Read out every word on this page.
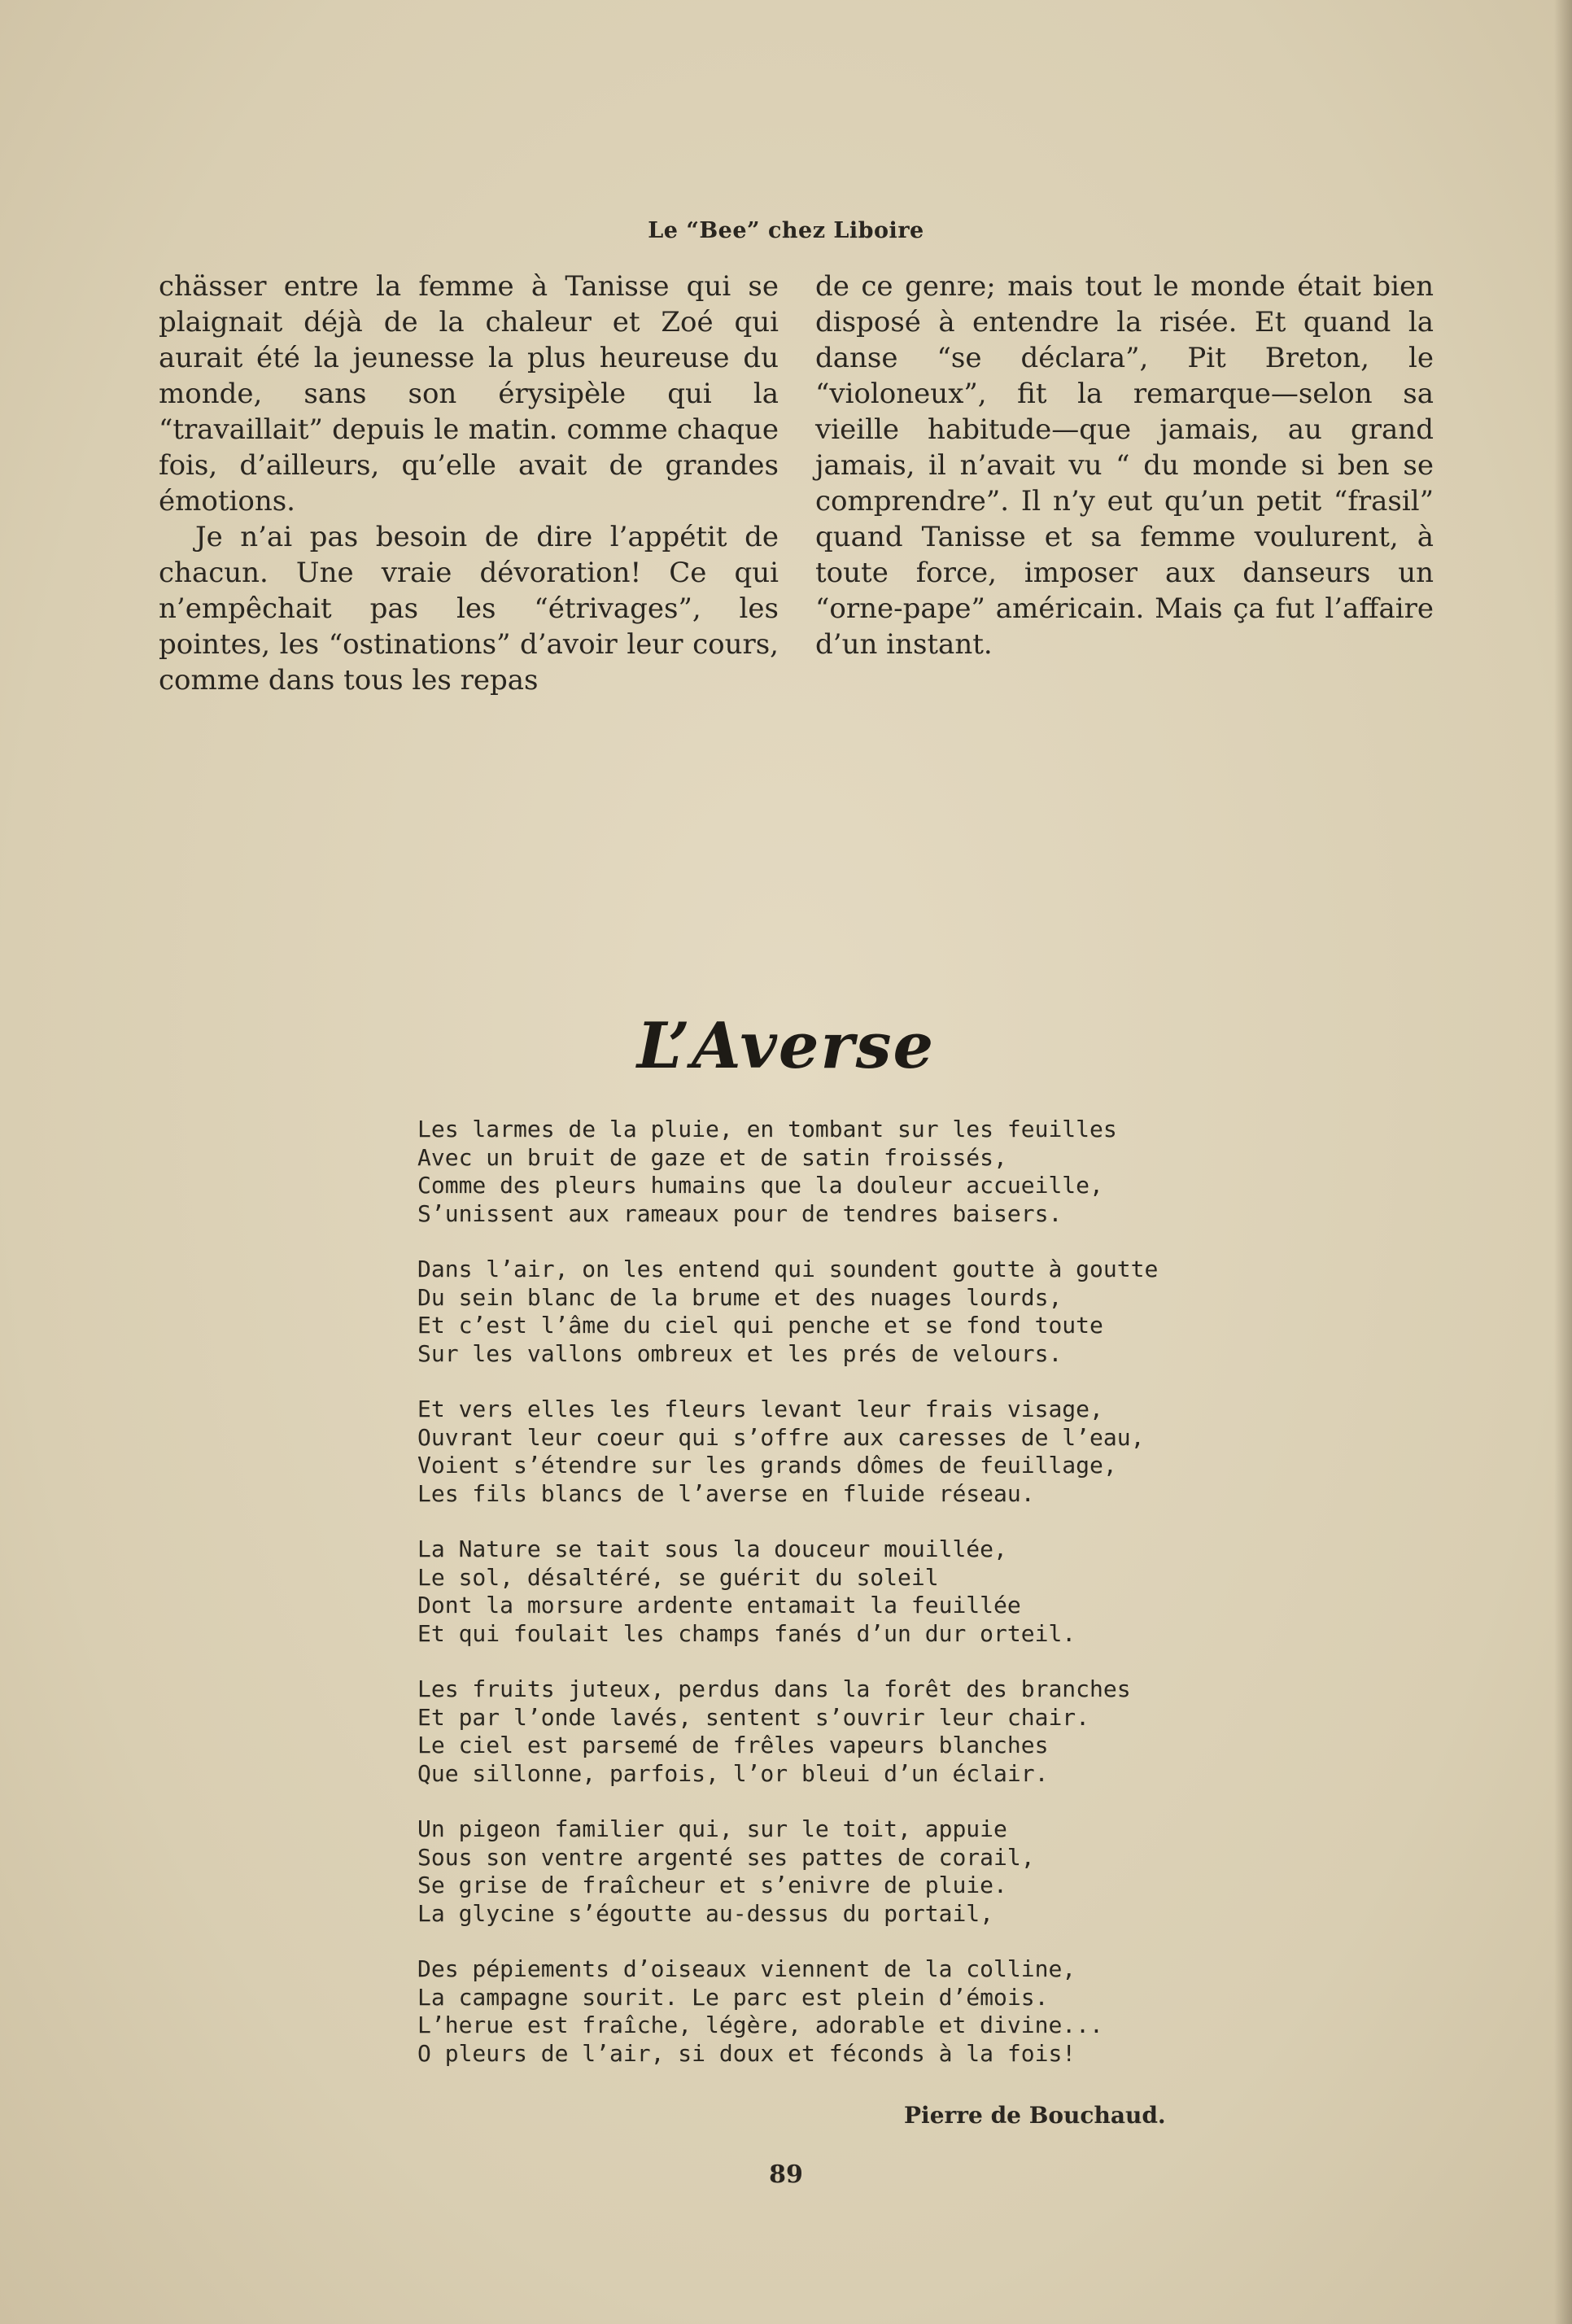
Le “Bee” chez Liboire

chässer entre la femme à Tanisse qui se plaignait déjà de la chaleur et Zoé qui aurait été la jeunesse la plus heureuse du monde, sans son érysipèle qui la “travaillait” depuis le matin. comme chaque fois, d’ailleurs, qu’elle avait de grandes émotions.

Je n’ai pas besoin de dire l’appétit de chacun. Une vraie dévoration! Ce qui n’empêchait pas les “étrivages”, les pointes, les “ostinations” d’avoir leur cours, comme dans tous les repas

de ce genre; mais tout le monde était bien disposé à entendre la risée. Et quand la danse “se déclara”, Pit Breton, le “violoneux”, fit la remarque—selon sa vieille habitude—que jamais, au grand jamais, il n’avait vu “ du monde si ben se comprendre”. Il n’y eut qu’un petit “frasil” quand Tanisse et sa femme voulurent, à toute force, imposer aux danseurs un “orne-pape” américain. Mais ça fut l’affaire d’un instant.

L’Averse
Les larmes de la pluie, en tombant sur les feuilles
Avec un bruit de gaze et de satin froissés,
Comme des pleurs humains que la douleur accueille,
S’unissent aux rameaux pour de tendres baisers.
Dans l’air, on les entend qui soundent goutte à goutte
Du sein blanc de la brume et des nuages lourds,
Et c’est l’âme du ciel qui penche et se fond toute
Sur les vallons ombreux et les prés de velours.
Et vers elles les fleurs levant leur frais visage,
Ouvrant leur coeur qui s’offre aux caresses de l’eau,
Voient s’étendre sur les grands dômes de feuillage,
Les fils blancs de l’averse en fluide réseau.
La Nature se tait sous la douceur mouillée,
Le sol, désaltéré, se guérit du soleil
Dont la morsure ardente entamait la feuillée
Et qui foulait les champs fanés d’un dur orteil.
Les fruits juteux, perdus dans la forêt des branches
Et par l’onde lavés, sentent s’ouvrir leur chair.
Le ciel est parsemé de frêles vapeurs blanches
Que sillonne, parfois, l’or bleui d’un éclair.
Un pigeon familier qui, sur le toit, appuie
Sous son ventre argenté ses pattes de corail,
Se grise de fraîcheur et s’enivre de pluie.
La glycine s’égoutte au-dessus du portail,
Des pépiements d’oiseaux viennent de la colline,
La campagne sourit. Le parc est plein d’émois.
L’herue est fraîche, légère, adorable et divine...
O pleurs de l’air, si doux et féconds à la fois!
Pierre de Bouchaud.
89
